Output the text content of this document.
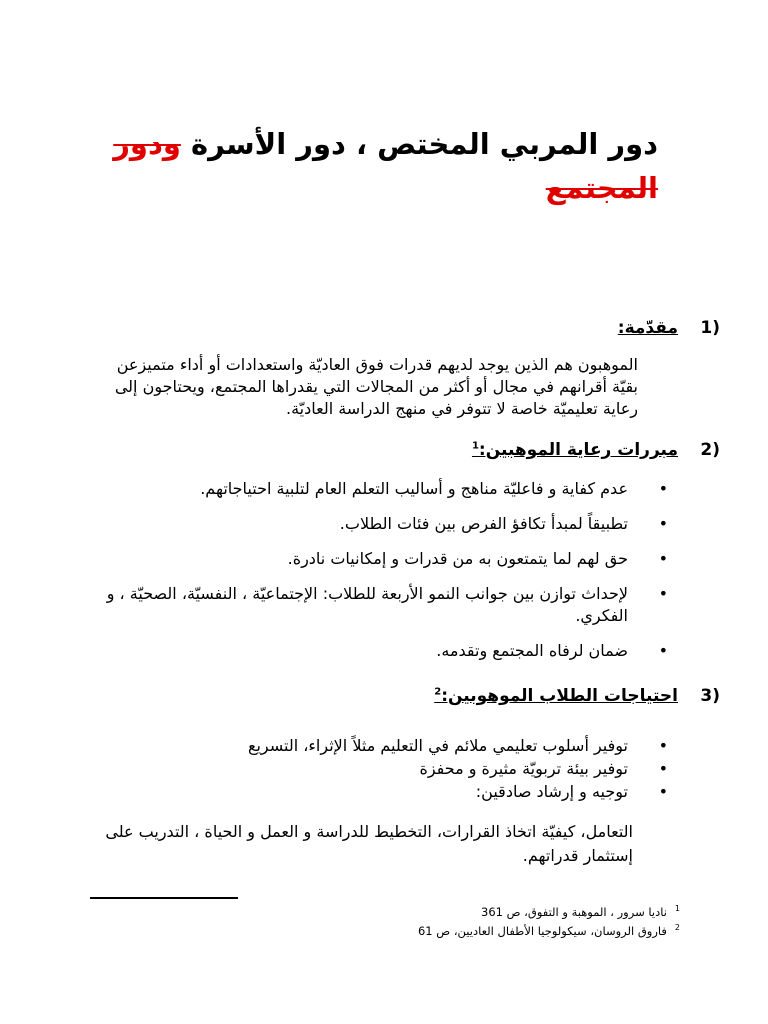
دور المربي المختص ، دور الأسرة ودور المجتمع
1)
مقدّمة:
الموهبون هم الذين يوجد لديهم قدرات فوق العاديّة واستعدادات أو أداء متميزعن بقيّة أقرانهم في مجال أو أكثر من المجالات التي يقدراها المجتمع، ويحتاجون إلى رعاية تعليميّة خاصة لا تتوفر في منهج الدراسة العاديّة.
2)
مبررات رعاية الموهبين:$^1$
•
عدم كفاية و فاعليّة مناهج و أساليب التعلم العام لتلبية احتياجاتهم.
•
تطبيقاً لمبدأ تكافؤ الفرص بين فئات الطلاب.
•
حق لهم لما يتمتعون به من قدرات و إمكانيات نادرة.
•
لإحداث توازن بين جوانب النمو الأربعة للطلاب: الإجتماعيّة ، النفسيّة، الصحيّة ، و الفكري.
•
ضمان لرفاه المجتمع وتقدمه.
3)
احتياجات الطلاب الموهوبين:$^2$
•
توفير أسلوب تعليمي ملائم في التعليم مثلاً الإثراء، التسريع
•
توفير بيئة تربويّة مثيرة و محفزة
•
توجيه و إرشاد صادقين:
التعامل، كيفيّة اتخاذ القرارات، التخطيط للدراسة و العمل و الحياة ، التدريب على إستثمار قدراتهم.
$^1$ناديا سرور ، الموهبة و التفوق، ص 361
$^2$فاروق الروسان، سيكولوجيا الأطفال العاديين، ص 61
